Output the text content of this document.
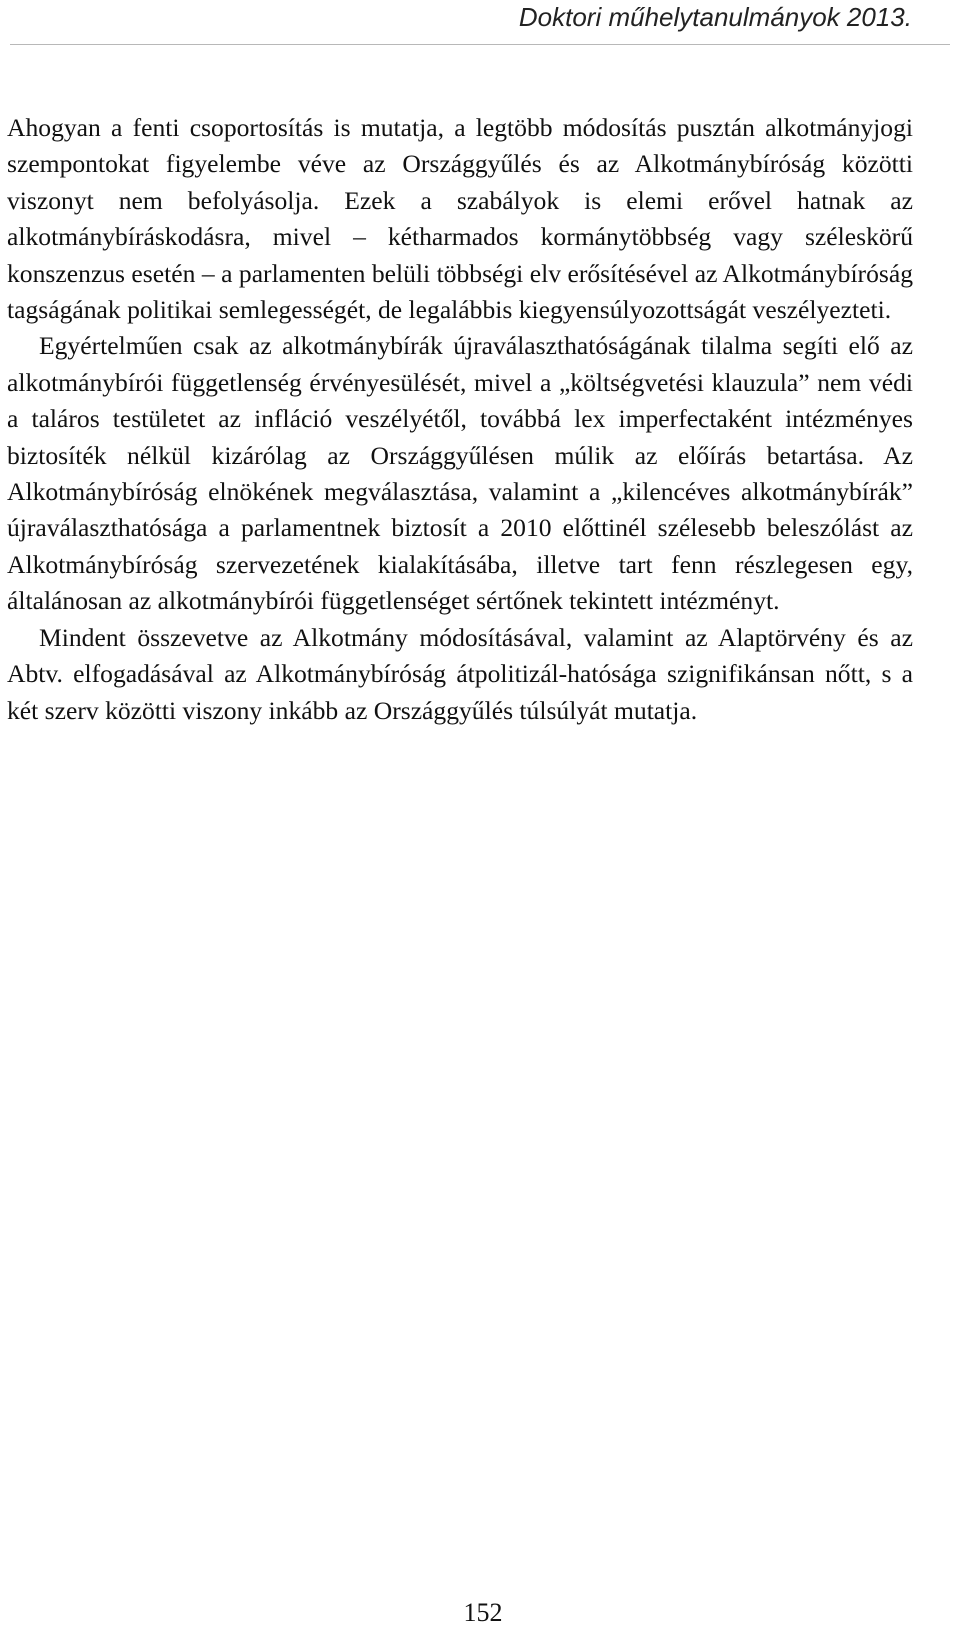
Doktori műhelytanulmányok 2013.

Ahogyan a fenti csoportosítás is mutatja, a legtöbb módosítás pusztán alkotmányjogi szempontokat figyelembe véve az Országgyűlés és az Alkotmánybíróság közötti viszonyt nem befolyásolja. Ezek a szabályok is elemi erővel hatnak az alkotmánybíráskodásra, mivel – kétharmados kormánytöbbség vagy széleskörű konszenzus esetén – a parlamenten belüli többségi elv erősítésével az Alkotmánybíróság tagságának politikai semlegességét, de legalábbis kiegyensúlyozottságát veszélyezteti.

Egyértelműen csak az alkotmánybírák újraválaszthatóságának tilalma segíti elő az alkotmánybírói függetlenség érvényesülését, mivel a „költségvetési klauzula” nem védi a taláros testületet az infláció veszélyétől, továbbá lex imperfectaként intézményes biztosíték nélkül kizárólag az Országgyűlésen múlik az előírás betartása. Az Alkotmánybíróság elnökének megválasztása, valamint a „kilencéves alkotmánybírák” újraválaszthatósága a parlamentnek biztosít a 2010 előttinél szélesebb beleszólást az Alkotmánybíróság szervezetének kialakításába, illetve tart fenn részlegesen egy, általánosan az alkotmánybírói függetlenséget sértőnek tekintett intézményt.

Mindent összevetve az Alkotmány módosításával, valamint az Alaptörvény és az Abtv. elfogadásával az Alkotmánybíróság átpolitizál-hatósága szignifikánsan nőtt, s a két szerv közötti viszony inkább az Országgyűlés túlsúlyát mutatja.

152
